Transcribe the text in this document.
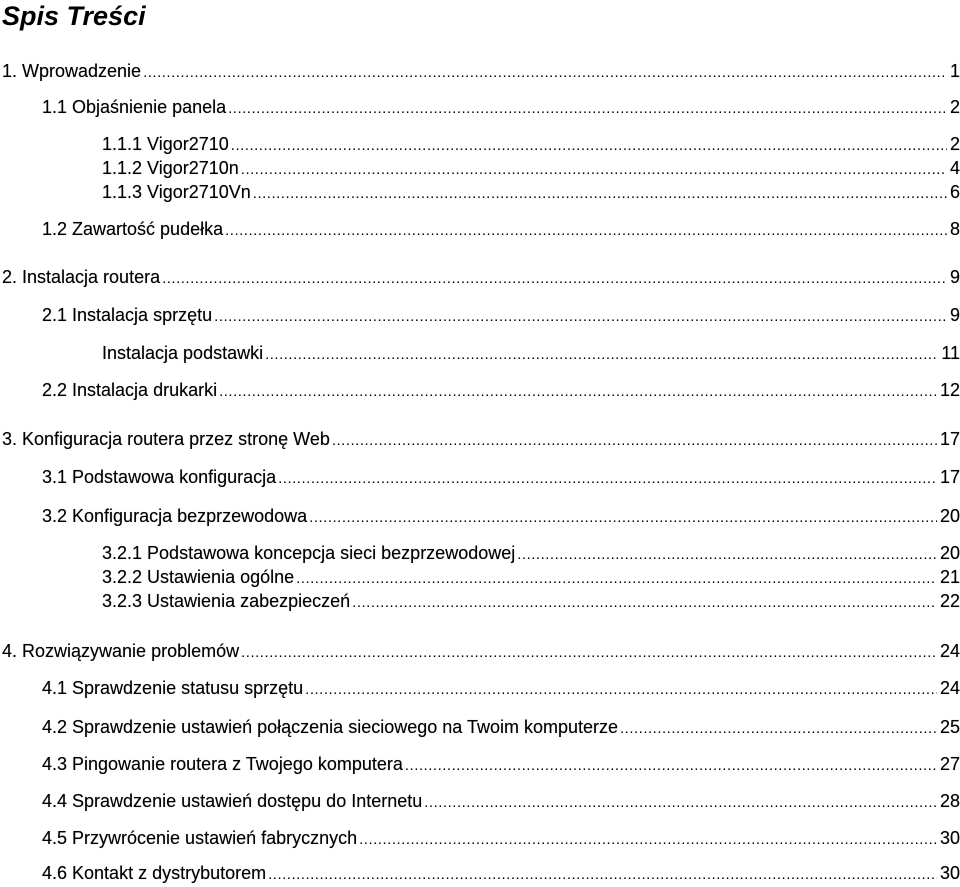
Spis Treści
1. Wprowadzenie .....	1
1.1 Objaśnienie panela .....	2
1.1.1 Vigor2710 .....	2
1.1.2 Vigor2710n .....	4
1.1.3 Vigor2710Vn .....	6
1.2 Zawartość pudełka .....	8
2. Instalacja routera .....	9
2.1 Instalacja sprzętu .....	9
Instalacja podstawki .....	11
2.2 Instalacja drukarki .....	12
3. Konfiguracja routera przez stronę Web .....	17
3.1 Podstawowa konfiguracja .....	17
3.2 Konfiguracja bezprzewodowa .....	20
3.2.1 Podstawowa koncepcja sieci bezprzewodowej .....	20
3.2.2 Ustawienia ogólne .....	21
3.2.3 Ustawienia zabezpieczeń .....	22
4. Rozwiązywanie problemów .....	24
4.1 Sprawdzenie statusu sprzętu .....	24
4.2 Sprawdzenie ustawień połączenia sieciowego na Twoim komputerze .....	25
4.3 Pingowanie routera z Twojego komputera .....	27
4.4 Sprawdzenie ustawień dostępu do Internetu .....	28
4.5 Przywrócenie ustawień fabrycznych .....	30
4.6 Kontakt z dystrybutorem .....	30
